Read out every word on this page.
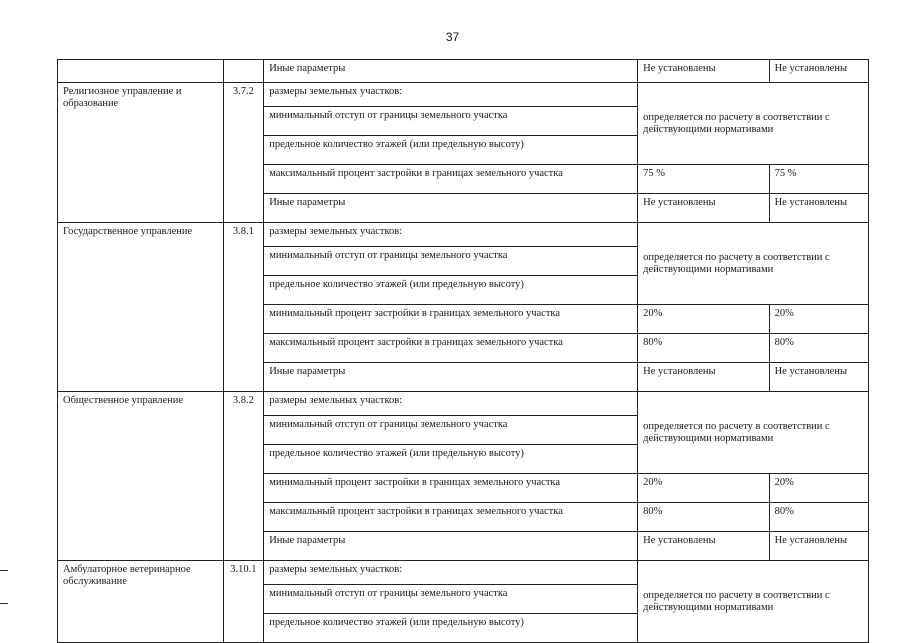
37
		Иные параметры	Не установлены	Не установлены
Религиозное управление и образование	3.7.2	размеры земельных участков:	определяется по расчету в соответствии с действующими нормативами	
		минимальный отступ от границы земельного участка		
		предельное количество этажей (или предельную высоту)		
		максимальный процент застройки в границах земельного участка	75 %	75 %
		Иные параметры	Не установлены	Не установлены
Государственное управление	3.8.1	размеры земельных участков:	определяется по расчету в соответствии с действующими нормативами	
		минимальный отступ от границы земельного участка		
		предельное количество этажей (или предельную высоту)		
		минимальный процент застройки в границах земельного участка	20%	20%
		максимальный процент застройки в границах земельного участка	80%	80%
		Иные параметры	Не установлены	Не установлены
Общественное управление	3.8.2	размеры земельных участков:	определяется по расчету в соответствии с действующими нормативами	
		минимальный отступ от границы земельного участка		
		предельное количество этажей (или предельную высоту)		
		минимальный процент застройки в границах земельного участка	20%	20%
		максимальный процент застройки в границах земельного участка	80%	80%
		Иные параметры	Не установлены	Не установлены
Амбулаторное ветеринарное обслуживание	3.10.1	размеры земельных участков:	определяется по расчету в соответствии с действующими нормативами	
		минимальный отступ от границы земельного участка		
		предельное количество этажей (или предельную высоту)		
